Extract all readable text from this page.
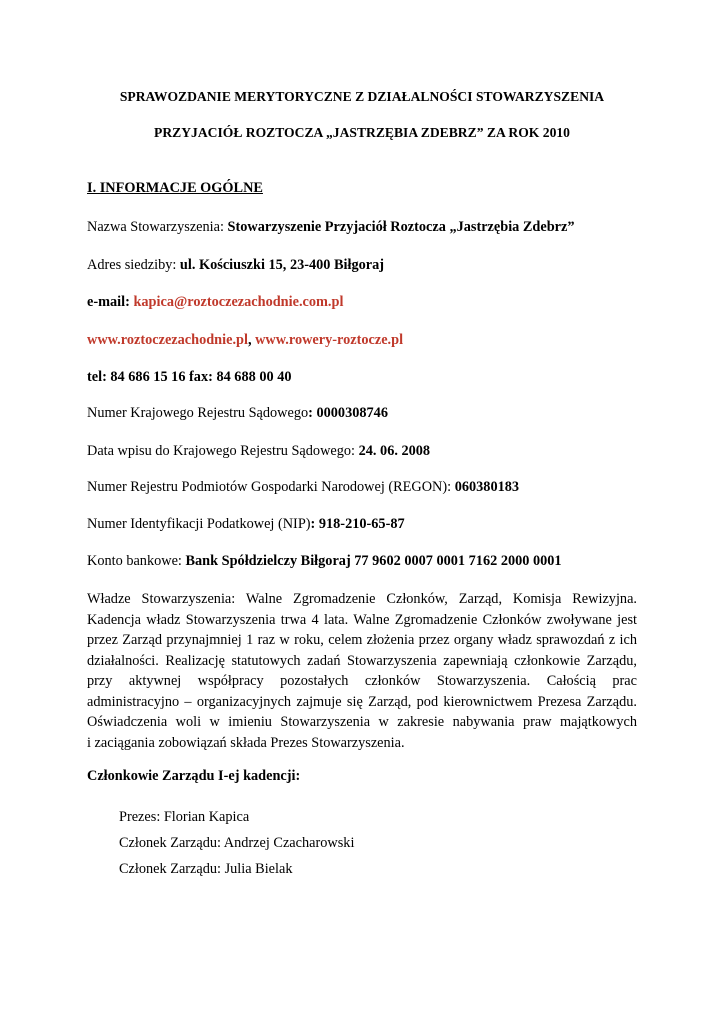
SPRAWOZDANIE MERYTORYCZNE Z DZIAŁALNOŚCI STOWARZYSZENIA
PRZYJACIÓŁ ROZTOCZA „JASTRZĘBIA ZDEBRZ” ZA ROK 2010
I. INFORMACJE OGÓLNE
Nazwa Stowarzyszenia: Stowarzyszenie Przyjaciół Roztocza „Jastrzębia Zdebrz”
Adres siedziby: ul. Kościuszki 15, 23-400 Biłgoraj
e-mail: kapica@roztoczezachodnie.com.pl
www.roztoczezachodnie.pl, www.rowery-roztocze.pl
tel: 84 686 15 16 fax: 84 688 00 40
Numer Krajowego Rejestru Sądowego: 0000308746
Data wpisu do Krajowego Rejestru Sądowego: 24. 06. 2008
Numer Rejestru Podmiotów Gospodarki Narodowej (REGON): 060380183
Numer Identyfikacji Podatkowej (NIP): 918-210-65-87
Konto bankowe: Bank Spółdzielczy Biłgoraj 77 9602 0007 0001 7162 2000 0001
Władze Stowarzyszenia: Walne Zgromadzenie Członków, Zarząd, Komisja Rewizyjna.
Kadencja władz Stowarzyszenia trwa 4 lata. Walne Zgromadzenie Członków zwoływane jest
przez Zarząd przynajmniej 1 raz w roku, celem złożenia przez organy władz sprawozdań z ich
działalności. Realizację statutowych zadań Stowarzyszenia zapewniają członkowie Zarządu,
przy aktywnej współpracy pozostałych członków Stowarzyszenia. Całością prac
administracyjno – organizacyjnych zajmuje się Zarząd, pod kierownictwem Prezesa Zarządu.
Oświadczenia woli w imieniu Stowarzyszenia w zakresie nabywania praw majątkowych
i zaciągania zobowiązań składa Prezes Stowarzyszenia.
Członkowie Zarządu I-ej kadencji:
Prezes: Florian Kapica
Członek Zarządu: Andrzej Czacharowski
Członek Zarządu: Julia Bielak
